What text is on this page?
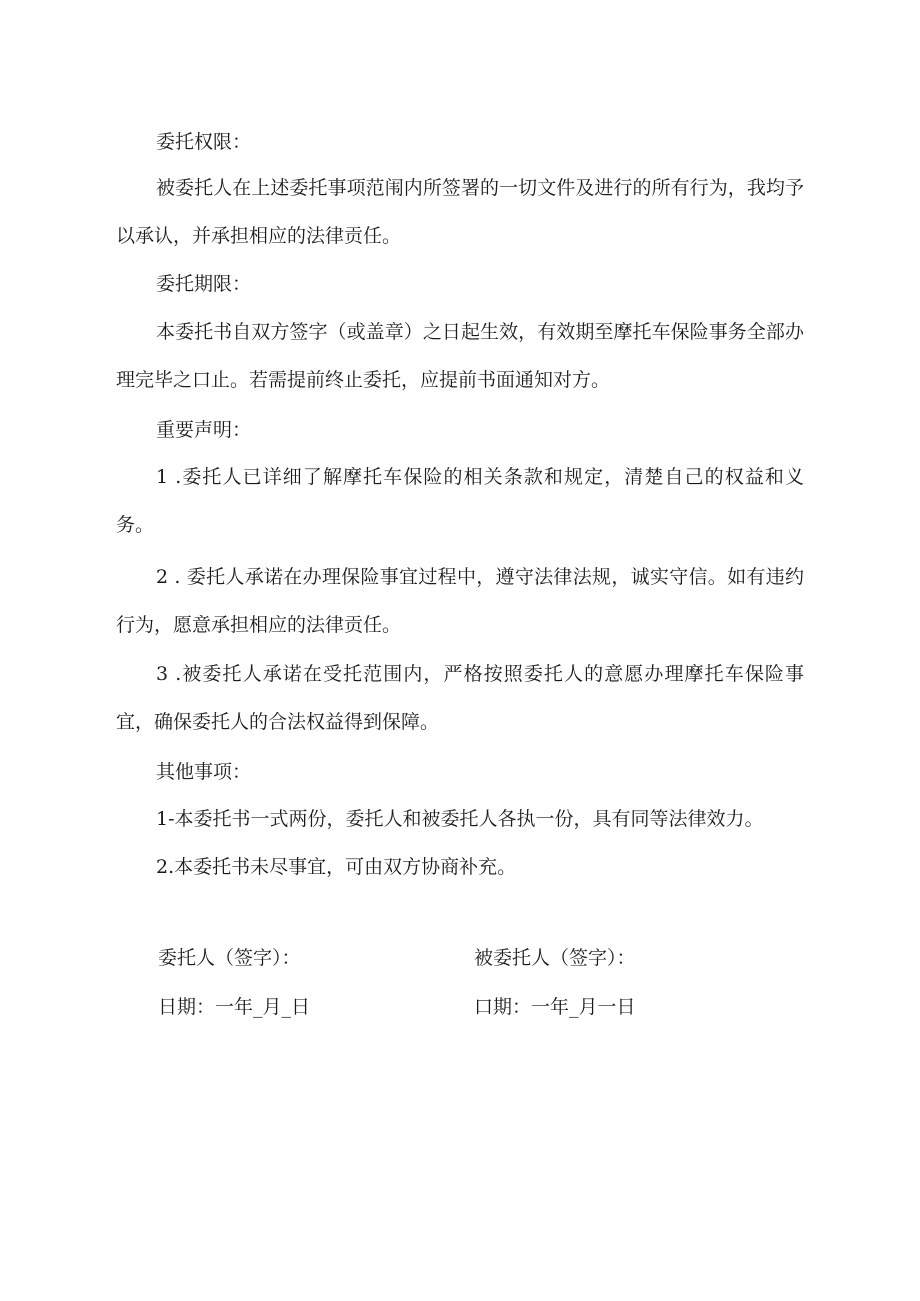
委托权限：

被委托人在上述委托事项范闱内所签署的一切文件及进行的所有行为，我均予以承认，并承担相应的法律贡任。

委托期限：

本委托书自双方签字（或盖章）之日起生效，有效期至摩托车保险事务全部办理完毕之口止。若需提前终止委托，应提前书面通知对方。

重要声明：

1 .委托人已详细了解摩托车保险的相关条款和规定，清楚自己的权益和义务。

2 . 委托人承诺在办理保险事宜过程中，遵守法律法规，诚实守信。如有违约行为，愿意承担相应的法律贡任。

3 .被委托人承诺在受托范围内，严格按照委托人的意愿办理摩托车保险事宜，确保委托人的合法权益得到保障。

其他事项：

1-本委托书一式两份，委托人和被委托人各执一份，具有同等法律效力。

2.本委托书未尽事宜，可由双方协商补充。

委托人（签字）：	被委托人（签字）：

日期：一年_月_日	口期：一年_月一日
